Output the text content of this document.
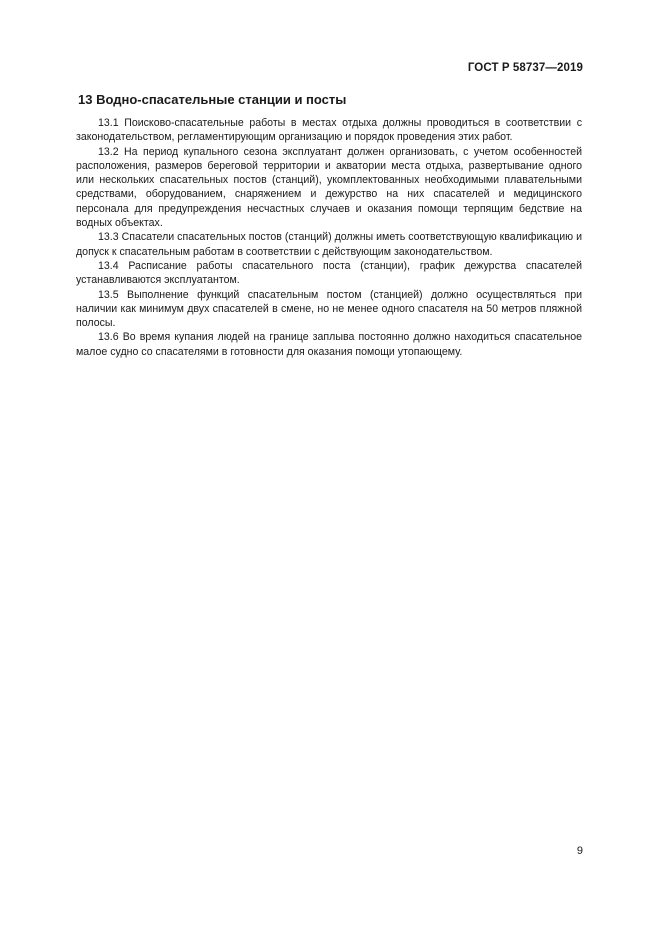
ГОСТ Р 58737—2019
13 Водно-спасательные станции и посты

13.1 Поисково-спасательные работы в местах отдыха должны проводиться в соответствии с законодательством, регламентирующим организацию и порядок проведения этих работ.

13.2 На период купального сезона эксплуатант должен организовать, с учетом особенностей расположения, размеров береговой территории и акватории места отдыха, развертывание одного или нескольких спасательных постов (станций), укомплектованных необходимыми плавательными средствами, оборудованием, снаряжением и дежурство на них спасателей и медицинского персонала для предупреждения несчастных случаев и оказания помощи терпящим бедствие на водных объектах.

13.3 Спасатели спасательных постов (станций) должны иметь соответствующую квалификацию и допуск к спасательным работам в соответствии с действующим законодательством.

13.4 Расписание работы спасательного поста (станции), график дежурства спасателей устанавливаются эксплуатантом.

13.5 Выполнение функций спасательным постом (станцией) должно осуществляться при наличии как минимум двух спасателей в смене, но не менее одного спасателя на 50 метров пляжной полосы.

13.6 Во время купания людей на границе заплыва постоянно должно находиться спасательное малое судно со спасателями в готовности для оказания помощи утопающему.

9
